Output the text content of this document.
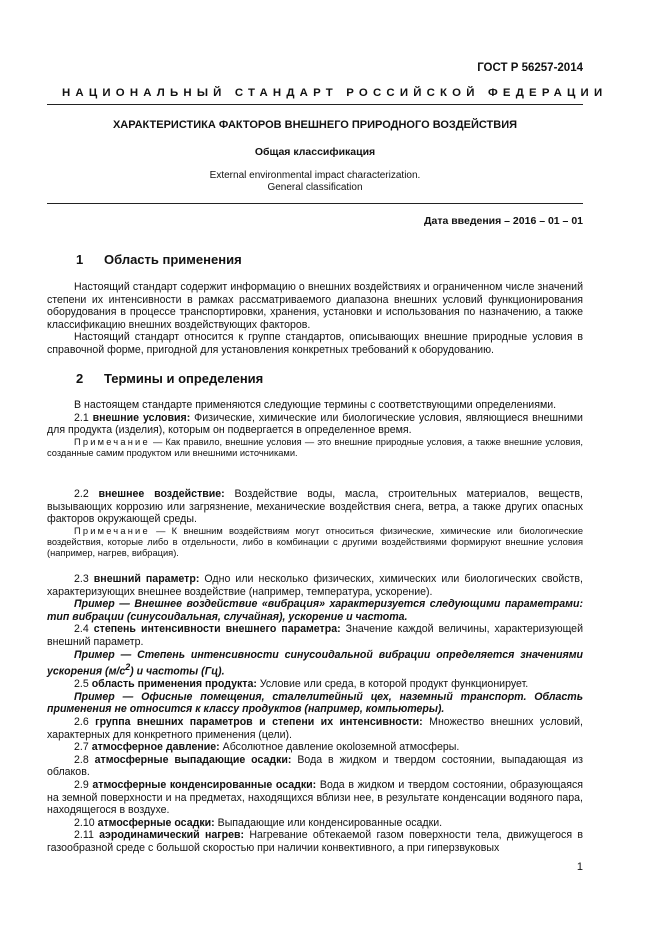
ГОСТ Р 56257-2014
НАЦИОНАЛЬНЫЙ СТАНДАРТ РОССИЙСКОЙ ФЕДЕРАЦИИ
ХАРАКТЕРИСТИКА ФАКТОРОВ ВНЕШНЕГО ПРИРОДНОГО ВОЗДЕЙСТВИЯ
Общая классификация
External environmental impact characterization.
General classification
Дата введения – 2016 – 01 – 01
1 Область применения

Настоящий стандарт содержит информацию о внешних воздействиях и ограниченном числе значений степени их интенсивности в рамках рассматриваемого диапазона внешних условий функционирования оборудования в процессе транспортировки, хранения, установки и использования по назначению, а также классификацию внешних воздействующих факторов.

Настоящий стандарт относится к группе стандартов, описывающих внешние природные условия в справочной форме, пригодной для установления конкретных требований к оборудованию.

2 Термины и определения

В настоящем стандарте применяются следующие термины с соответствующими определениями.

2.1 внешние условия: Физические, химические или биологические условия, являющиеся внешними для продукта (изделия), которым он подвергается в определенное время.

Примечание — Как правило, внешние условия — это внешние природные условия, а также внешние условия, созданные самим продуктом или внешними источниками.

2.2 внешнее воздействие: Воздействие воды, масла, строительных материалов, веществ, вызывающих коррозию или загрязнение, механические воздействия снега, ветра, а также других опасных факторов окружающей среды.

Примечание — К внешним воздействиям могут относиться физические, химические или биологические воздействия, которые либо в отдельности, либо в комбинации с другими воздействиями формируют внешние условия (например, нагрев, вибрация).

2.3 внешний параметр: Одно или несколько физических, химических или биологических свойств, характеризующих внешнее воздействие (например, температура, ускорение).

Пример — Внешнее воздействие «вибрация» характеризуется следующими параметрами: тип вибрации (синусоидальная, случайная), ускорение и частота.

2.4 степень интенсивности внешнего параметра: Значение каждой величины, характеризующей внешний параметр.

Пример — Степень интенсивности синусоидальной вибрации определяется значениями ускорения $(м/с^2)$ и частоты (Гц).

2.5 область применения продукта: Условие или среда, в которой продукт функционирует.

Пример — Офисные помещения, сталелитейный цех, наземный транспорт. Область применения не относится к классу продуктов (например, компьютеры).

2.6 группа внешних параметров и степени их интенсивности: Множество внешних условий, характерных для конкретного применения (цели).

2.7 атмосферное давление: Абсолютное давление окolоземной атмосферы.

2.8 атмосферные выпадающие осадки: Вода в жидком и твердом состоянии, выпадающая из облаков.

2.9 атмосферные конденсированные осадки: Вода в жидком и твердом состоянии, образующаяся на земной поверхности и на предметах, находящихся вблизи нее, в результате конденсации водяного пара, находящегося в воздухе.

2.10 атмосферные осадки: Выпадающие или конденсированные осадки.

2.11 аэродинамический нагрев: Нагревание обтекаемой газом поверхности тела, движущегося в газообразной среде с большой скоростью при наличии конвективного, а при гиперзвуковых

1
